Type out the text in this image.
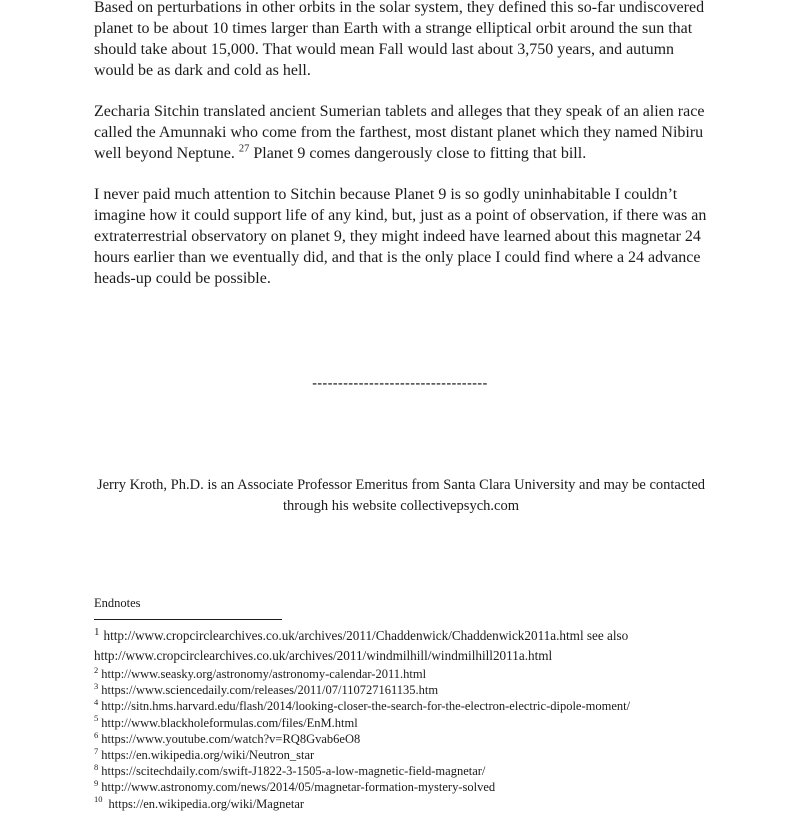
Based on perturbations in other orbits in the solar system, they defined this so-far undiscovered planet to be about 10 times larger than Earth with a strange elliptical orbit around the sun that should take about 15,000. That would mean Fall would last about 3,750 years, and autumn would be as dark and cold as hell.

Zecharia Sitchin translated ancient Sumerian tablets and alleges that they speak of an alien race called the Amunnaki who come from the farthest, most distant planet which they named Nibiru well beyond Neptune. $^{27}$ Planet 9 comes dangerously close to fitting that bill.

I never paid much attention to Sitchin because Planet 9 is so godly uninhabitable I couldn’t imagine how it could support life of any kind, but, just as a point of observation, if there was an extraterrestrial observatory on planet 9, they might indeed have learned about this magnetar 24 hours earlier than we eventually did, and that is the only place I could find where a 24 advance heads-up could be possible.

----------------------------------
Jerry Kroth, Ph.D. is an Associate Professor Emeritus from Santa Clara University and may be contacted through his website collectivepsych.com
Endnotes
$^1$ http://www.cropcirclearchives.co.uk/archives/2011/Chaddenwick/Chaddenwick2011a.html see also http://www.cropcirclearchives.co.uk/archives/2011/windmilhill/windmilhill2011a.html
$^2$ http://www.seasky.org/astronomy/astronomy-calendar-2011.html
$^3$ https://www.sciencedaily.com/releases/2011/07/110727161135.htm
$^4$ http://sitn.hms.harvard.edu/flash/2014/looking-closer-the-search-for-the-electron-electric-dipole-moment/
$^5$ http://www.blackholeformulas.com/files/EnM.html
$^6$ https://www.youtube.com/watch?v=RQ8Gvab6eO8
$^7$ https://en.wikipedia.org/wiki/Neutron_star
$^8$ https://scitechdaily.com/swift-J1822-3-1505-a-low-magnetic-field-magnetar/
$^9$ http://www.astronomy.com/news/2014/05/magnetar-formation-mystery-solved
$^{10}$ https://en.wikipedia.org/wiki/Magnetar
